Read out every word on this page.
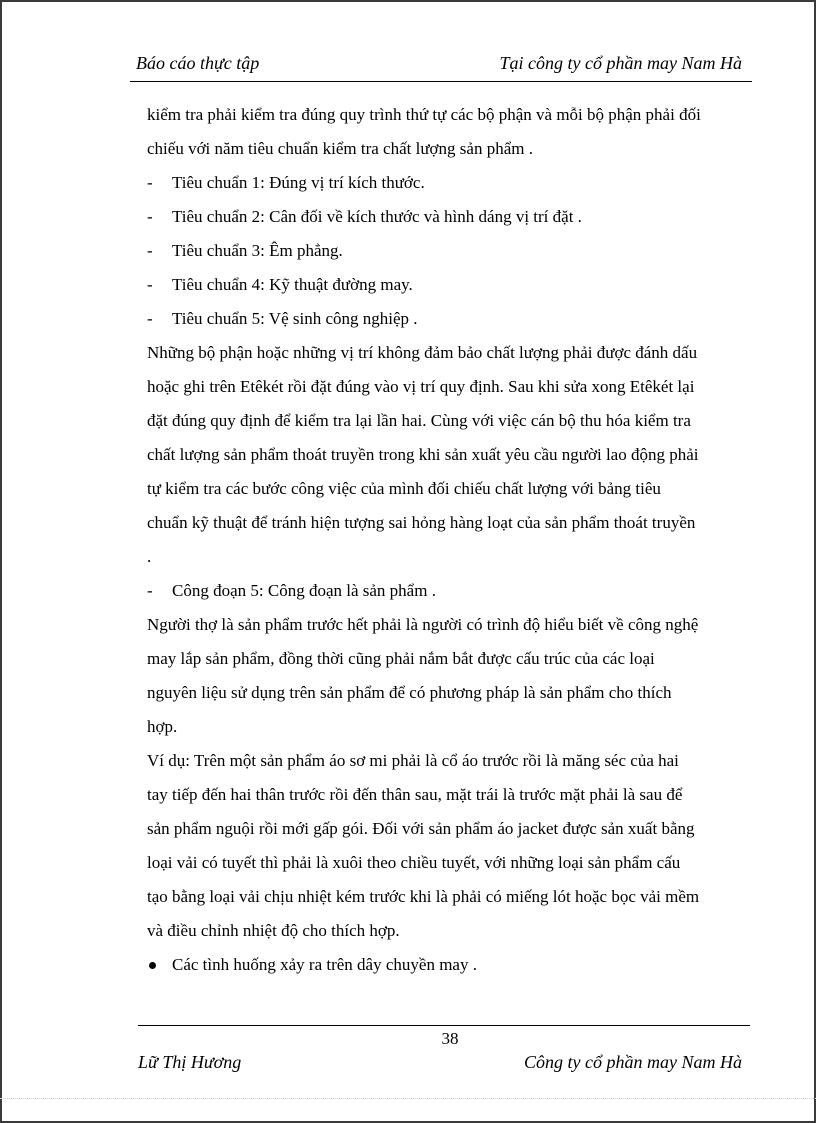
Báo cáo thực tập	Tại công ty cổ phần may Nam Hà
kiểm tra phải kiểm tra đúng quy trình thứ tự các bộ phận và mỗi bộ phận phải đối
chiếu với năm tiêu chuẩn kiểm tra chất lượng sản phẩm .
-	Tiêu chuẩn 1: Đúng vị trí kích thước.
-	Tiêu chuẩn 2: Cân đối về kích thước và hình dáng vị trí đặt .
-	Tiêu chuẩn 3: Êm phẳng.
-	Tiêu chuẩn 4: Kỹ thuật đường may.
-	Tiêu chuẩn 5: Vệ sinh công nghiệp .
Những bộ phận hoặc những vị trí không đảm bảo chất lượng phải được đánh dấu
hoặc ghi trên Etêkét rồi đặt đúng vào vị trí quy định. Sau khi sửa xong Etêkét lại
đặt đúng quy định để kiểm tra lại lần hai. Cùng với việc cán bộ thu hóa kiểm tra
chất lượng sản phẩm thoát truyền trong khi sản xuất yêu cầu người lao động phải
tự kiểm tra các bước công việc của mình đối chiếu chất lượng với bảng tiêu
chuẩn kỹ thuật để tránh hiện tượng sai hỏng hàng loạt của sản phẩm thoát truyền
.
-	Công đoạn 5: Công đoạn là sản phẩm .
Người thợ là sản phẩm trước hết phải là người có trình độ hiểu biết về công nghệ
may lắp sản phẩm, đồng thời cũng phải nắm bắt được cấu trúc của các loại
nguyên liệu sử dụng trên sản phẩm để có phương pháp là sản phẩm cho thích
hợp.
Ví dụ: Trên một sản phẩm áo sơ mi phải là cổ áo trước rồi là măng séc của hai
tay tiếp đến hai thân trước rồi đến thân sau, mặt trái là trước mặt phải là sau để
sản phẩm nguội rồi mới gấp gói. Đối với sản phẩm áo jacket được sản xuất bằng
loại vải có tuyết thì phải là xuôi theo chiều tuyết, với những loại sản phẩm cấu
tạo bằng loại vải chịu nhiệt kém trước khi là phải có miếng lót hoặc bọc vải mềm
và điều chỉnh nhiệt độ cho thích hợp.
Các tình huống xảy ra trên dây chuyền may .
38
Lữ Thị Hương	Công ty cổ phần may Nam Hà
